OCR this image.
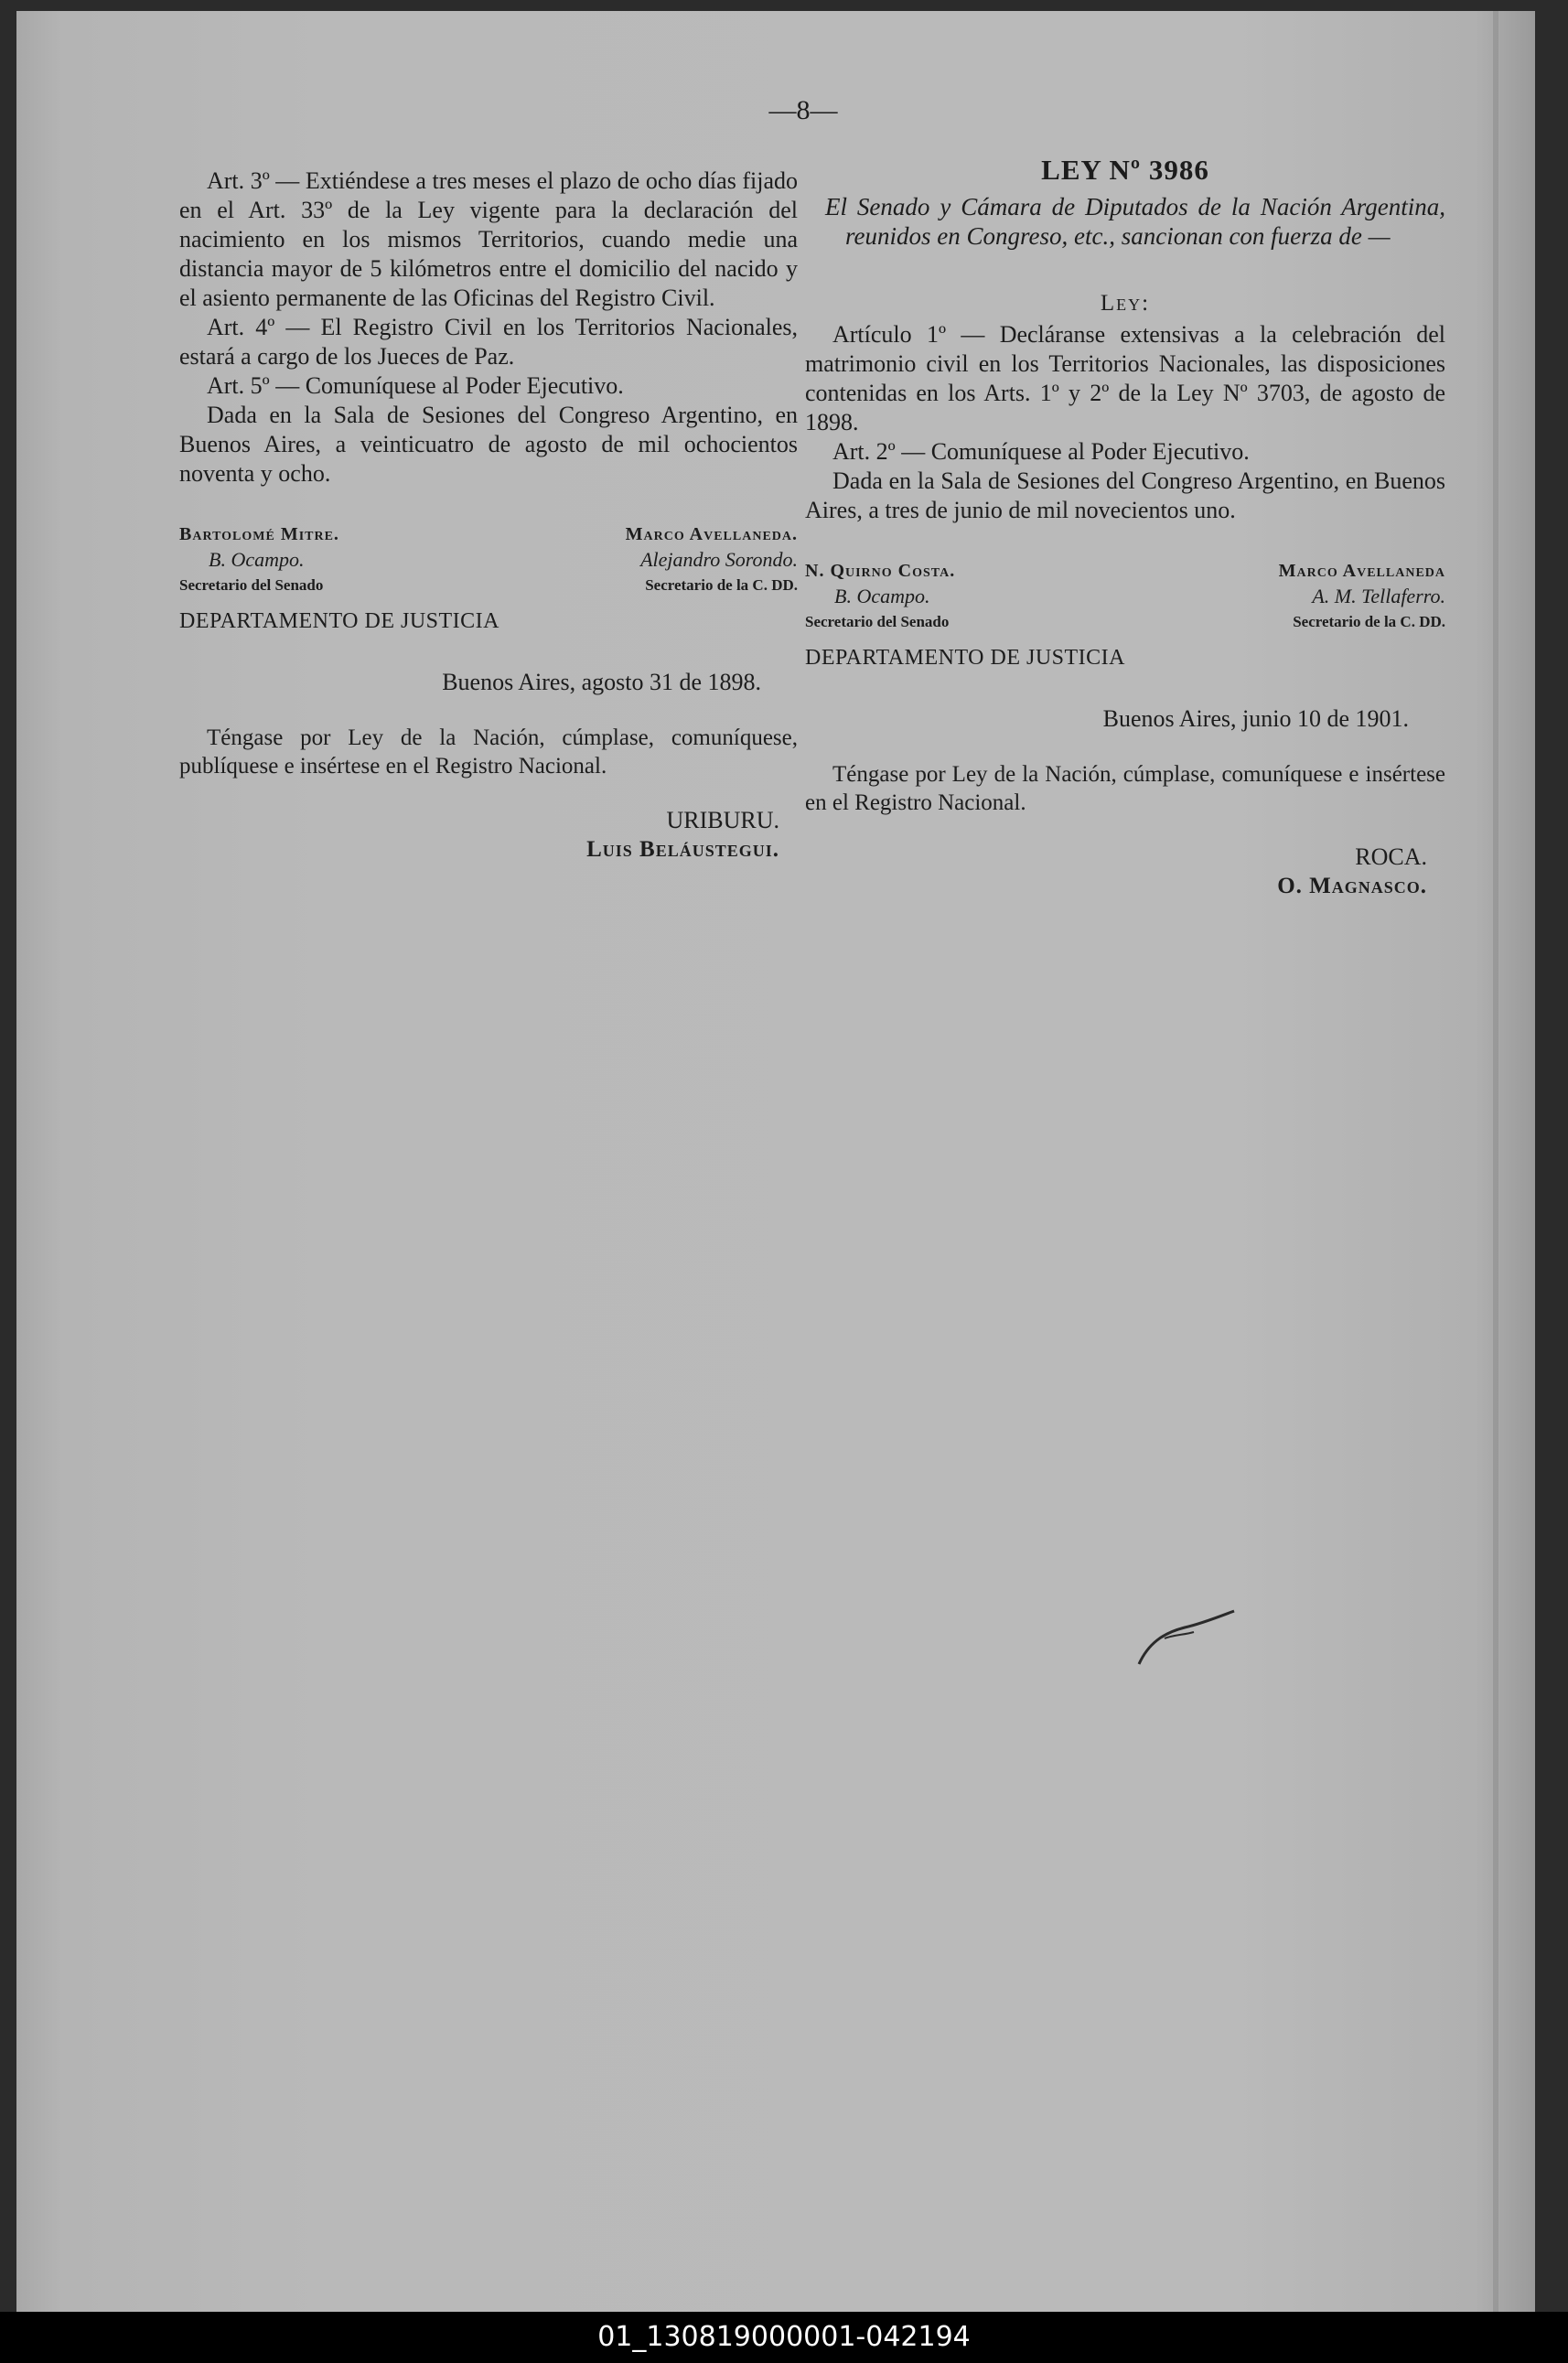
—8—

Art. 3º — Extiéndese a tres meses el plazo de ocho días fijado en el Art. 33º de la Ley vigente para la declaración del nacimiento en los mismos Territorios, cuando medie una distancia mayor de 5 kilómetros entre el domicilio del nacido y el asiento permanente de las Oficinas del Registro Civil.

Art. 4º — El Registro Civil en los Territorios Nacionales, estará a cargo de los Jueces de Paz.

Art. 5º — Comuníquese al Poder Ejecutivo.

Dada en la Sala de Sesiones del Congreso Argentino, en Buenos Aires, a veinticuatro de agosto de mil ochocientos noventa y ocho.

Bartolomé Mitre.
B. Ocampo.
Secretario del Senado
Marco Avellaneda.
Alejandro Sorondo.
Secretario de la C. DD.
DEPARTAMENTO DE JUSTICIA
Buenos Aires, agosto 31 de 1898.

Téngase por Ley de la Nación, cúmplase, comuníquese, publíquese e insértese en el Registro Nacional.

URIBURU.
Luis Beláustegui.
LEY Nº 3986

El Senado y Cámara de Diputados de la Nación Argentina, reunidos en Congreso, etc., sancionan con fuerza de —

Ley:

Artículo 1º — Decláranse extensivas a la celebración del matrimonio civil en los Territorios Nacionales, las disposiciones contenidas en los Arts. 1º y 2º de la Ley Nº 3703, de agosto de 1898.

Art. 2º — Comuníquese al Poder Ejecutivo.

Dada en la Sala de Sesiones del Congreso Argentino, en Buenos Aires, a tres de junio de mil novecientos uno.

N. Quirno Costa.
B. Ocampo.
Secretario del Senado
Marco Avellaneda
A. M. Tellaferro.
Secretario de la C. DD.
DEPARTAMENTO DE JUSTICIA
Buenos Aires, junio 10 de 1901.

Téngase por Ley de la Nación, cúmplase, comuníquese e insértese en el Registro Nacional.

ROCA.
O. Magnasco.
01_130819000001-042194
